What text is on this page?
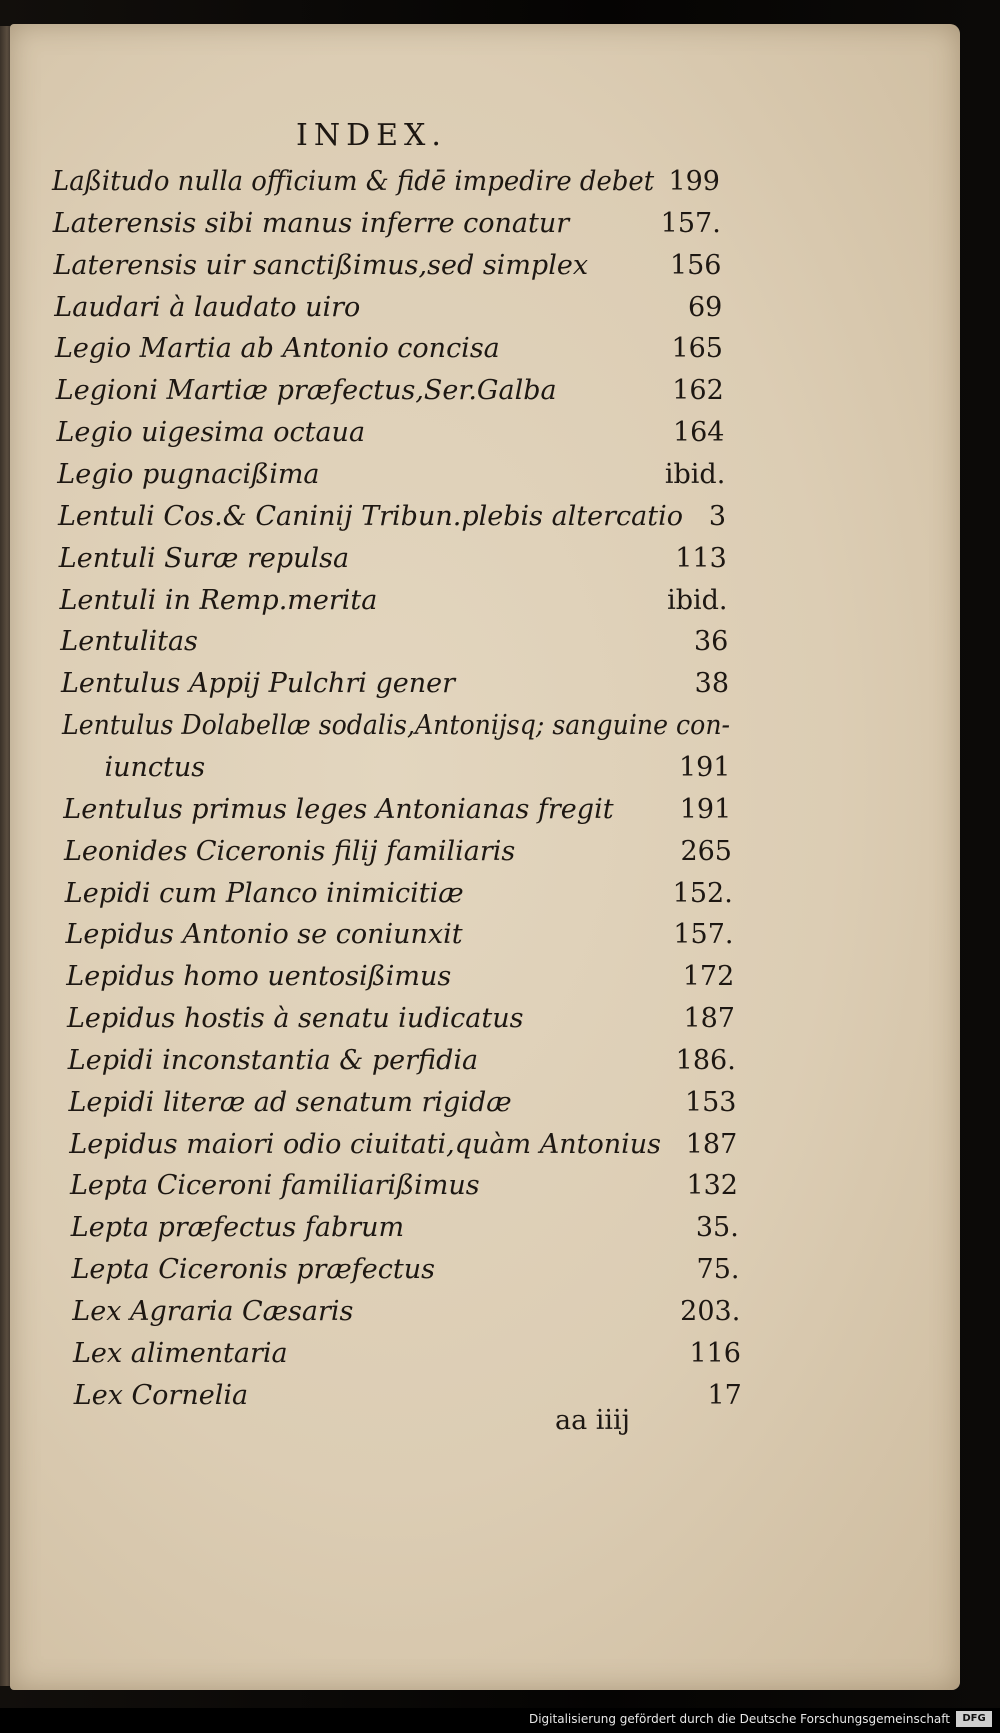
INDEX.
Laßitudo nulla officium & fidē impedire debet 199
Laterensis sibi manus inferre conatur	157.
Laterensis uir sanctißimus,sed simplex	156
Laudari à laudato uiro	69
Legio Martia ab Antonio concisa	165
Legioni Martiæ præfectus,Ser.Galba	162
Legio uigesima octaua	164
Legio pugnacißima	ibid.
Lentuli Cos.& Caninij Tribun.plebis altercatio 3
Lentuli Suræ repulsa	113
Lentuli in Remp.merita	ibid.
Lentulitas	36
Lentulus Appij Pulchri gener	38
Lentulus Dolabellæ sodalis,Antonijsq; sanguine con-
iunctus	191
Lentulus primus leges Antonianas fregit 191
Leonides Ciceronis filij familiaris	265
Lepidi cum Planco inimicitiæ	152.
Lepidus Antonio se coniunxit	157.
Lepidus homo uentosißimus	172
Lepidus hostis à senatu iudicatus	187
Lepidi inconstantia & perfidia	186.
Lepidi literæ ad senatum rigidæ	153
Lepidus maiori odio ciuitati,quàm Antonius 187
Lepta Ciceroni familiarißimus	132
Lepta præfectus fabrum	35.
Lepta Ciceronis præfectus	75.
Lex Agraria Cæsaris	203.
Lex alimentaria	116
Lex Cornelia	17
aa iiij
Digitalisierung gefördert durch die Deutsche Forschungsgemeinschaft	DFG
